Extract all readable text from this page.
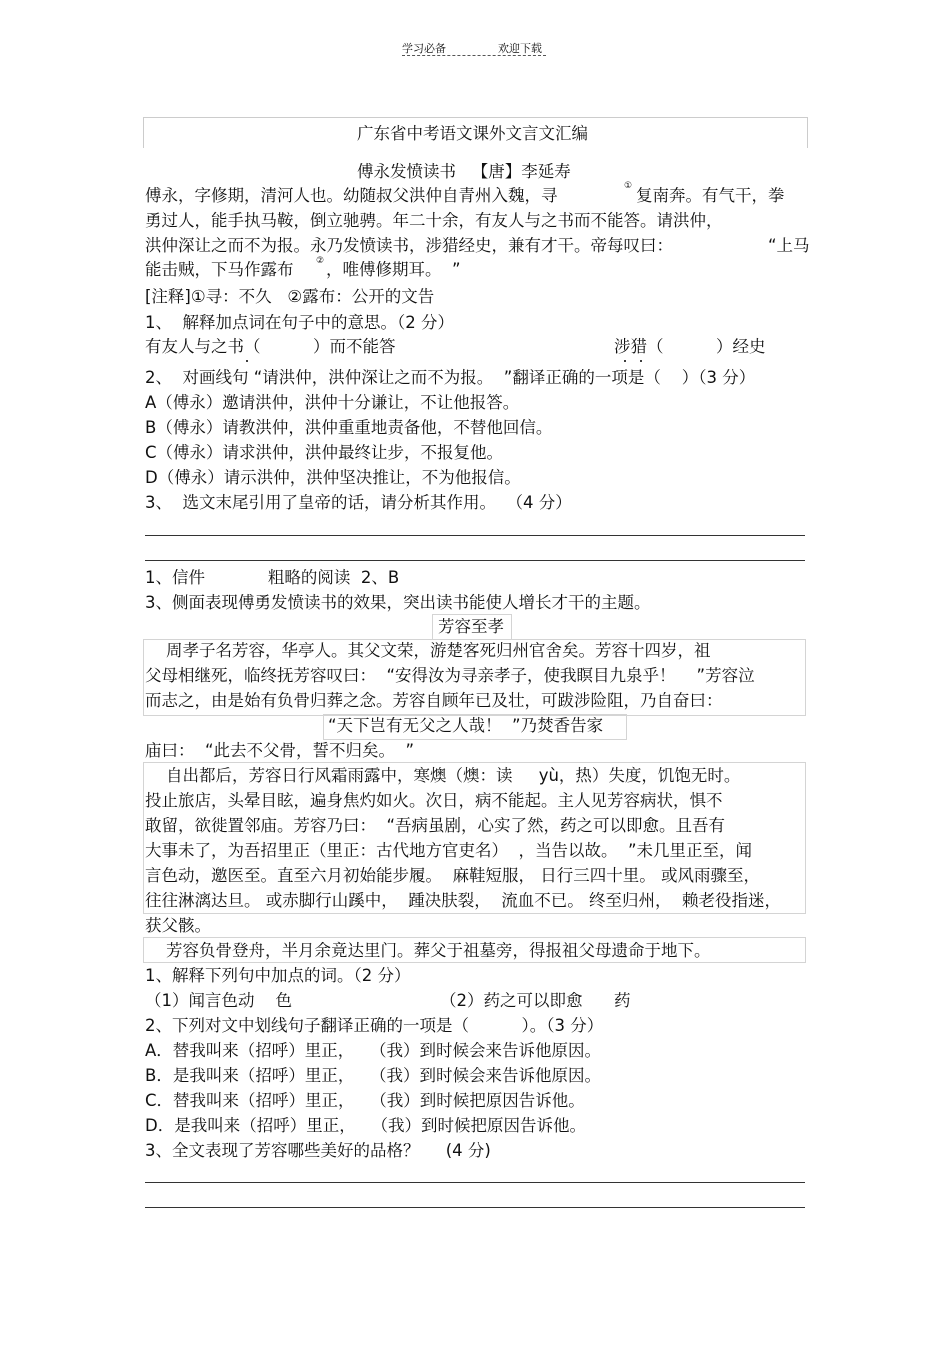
学习必备	欢迎下载
广东省中考语文课外文言文汇编
傅永发愤读书   【唐】李延寿
傅永，字修期，清河人也。幼随叔父洪仲自青州入魏，寻	① 复南奔。有气干，拳
勇过人，能手执马鞍，倒立驰骋。年二十余，有友人与之书而不能答。请洪仲，
洪仲深让之而不为报。永乃发愤读书，涉猎经史，兼有才干。帝每叹曰：	“上马
能击贼，下马作露布	② ，唯傅修期耳。  ”
[注释]①寻：不久   ②露布：公开的文告
1、  解释加点词在句子中的意思。（2 分）
有友人与之书（          ）而不能答	涉猎（          ）经史
2、  对画线句 “请洪仲，洪仲深让之而不为报。  ”翻译正确的一项是（    ）（3 分）
A（傅永）邀请洪仲，洪仲十分谦让，不让他报答。
B（傅永）请教洪仲，洪仲重重地责备他，不替他回信。
C（傅永）请求洪仲，洪仲最终让步，不报复他。
D（傅永）请示洪仲，洪仲坚决推让，不为他报信。
3、  选文末尾引用了皇帝的话，请分析其作用。  （4 分）
1、信件            粗略的阅读  2、B
3、侧面表现傅勇发愤读书的效果，突出读书能使人增长才干的主题。
芳容至孝
周孝子名芳容，华亭人。其父文荣，游楚客死归州官舍矣。芳容十四岁，祖
父母相继死，临终抚芳容叹曰：  “安得汝为寻亲孝子，使我瞑目九泉乎！    ”芳容泣
而志之，由是始有负骨归葬之念。芳容自顾年已及壮，可跋涉险阻，乃自奋曰：
“天下岂有无父之人哉！  ”乃焚香告家
庙曰：  “此去不父骨，誓不归矣。  ”
自出都后，芳容日行风霜雨露中，寒燠（燠：读     yù，热）失度，饥饱无时。
投止旅店，头晕目眩，遍身焦灼如火。次日，病不能起。主人见芳容病状，惧不
敢留，欲徙置邻庙。芳容乃曰：  “吾病虽剧，心实了然，药之可以即愈。且吾有
大事未了，为吾招里正（里正：古代地方官吏名）  ，当告以故。  ”未几里正至，闻
言色动，邀医至。直至六月初始能步履。  麻鞋短服， 日行三四十里。 或风雨骤至，
往往淋漓达旦。 或赤脚行山蹊中，  踵决肤裂，  流血不已。 终至归州，  赖老役指迷，
获父骸。
芳容负骨登舟，半月余竟达里门。葬父于祖墓旁，得报祖父母遗命于地下。
1、解释下列句中加点的词。（2 分）
（1）闻言色动    色	（2）药之可以即愈      药
2、下列对文中划线句子翻译正确的一项是（          ）。（3 分）
A．替我叫来（招呼）里正，   （我）到时候会来告诉他原因。
B．是我叫来（招呼）里正，   （我）到时候会来告诉他原因。
C．替我叫来（招呼）里正，   （我）到时候把原因告诉他。
D．是我叫来（招呼）里正，   （我）到时候把原因告诉他。
3、全文表现了芳容哪些美好的品格？     (4 分)
